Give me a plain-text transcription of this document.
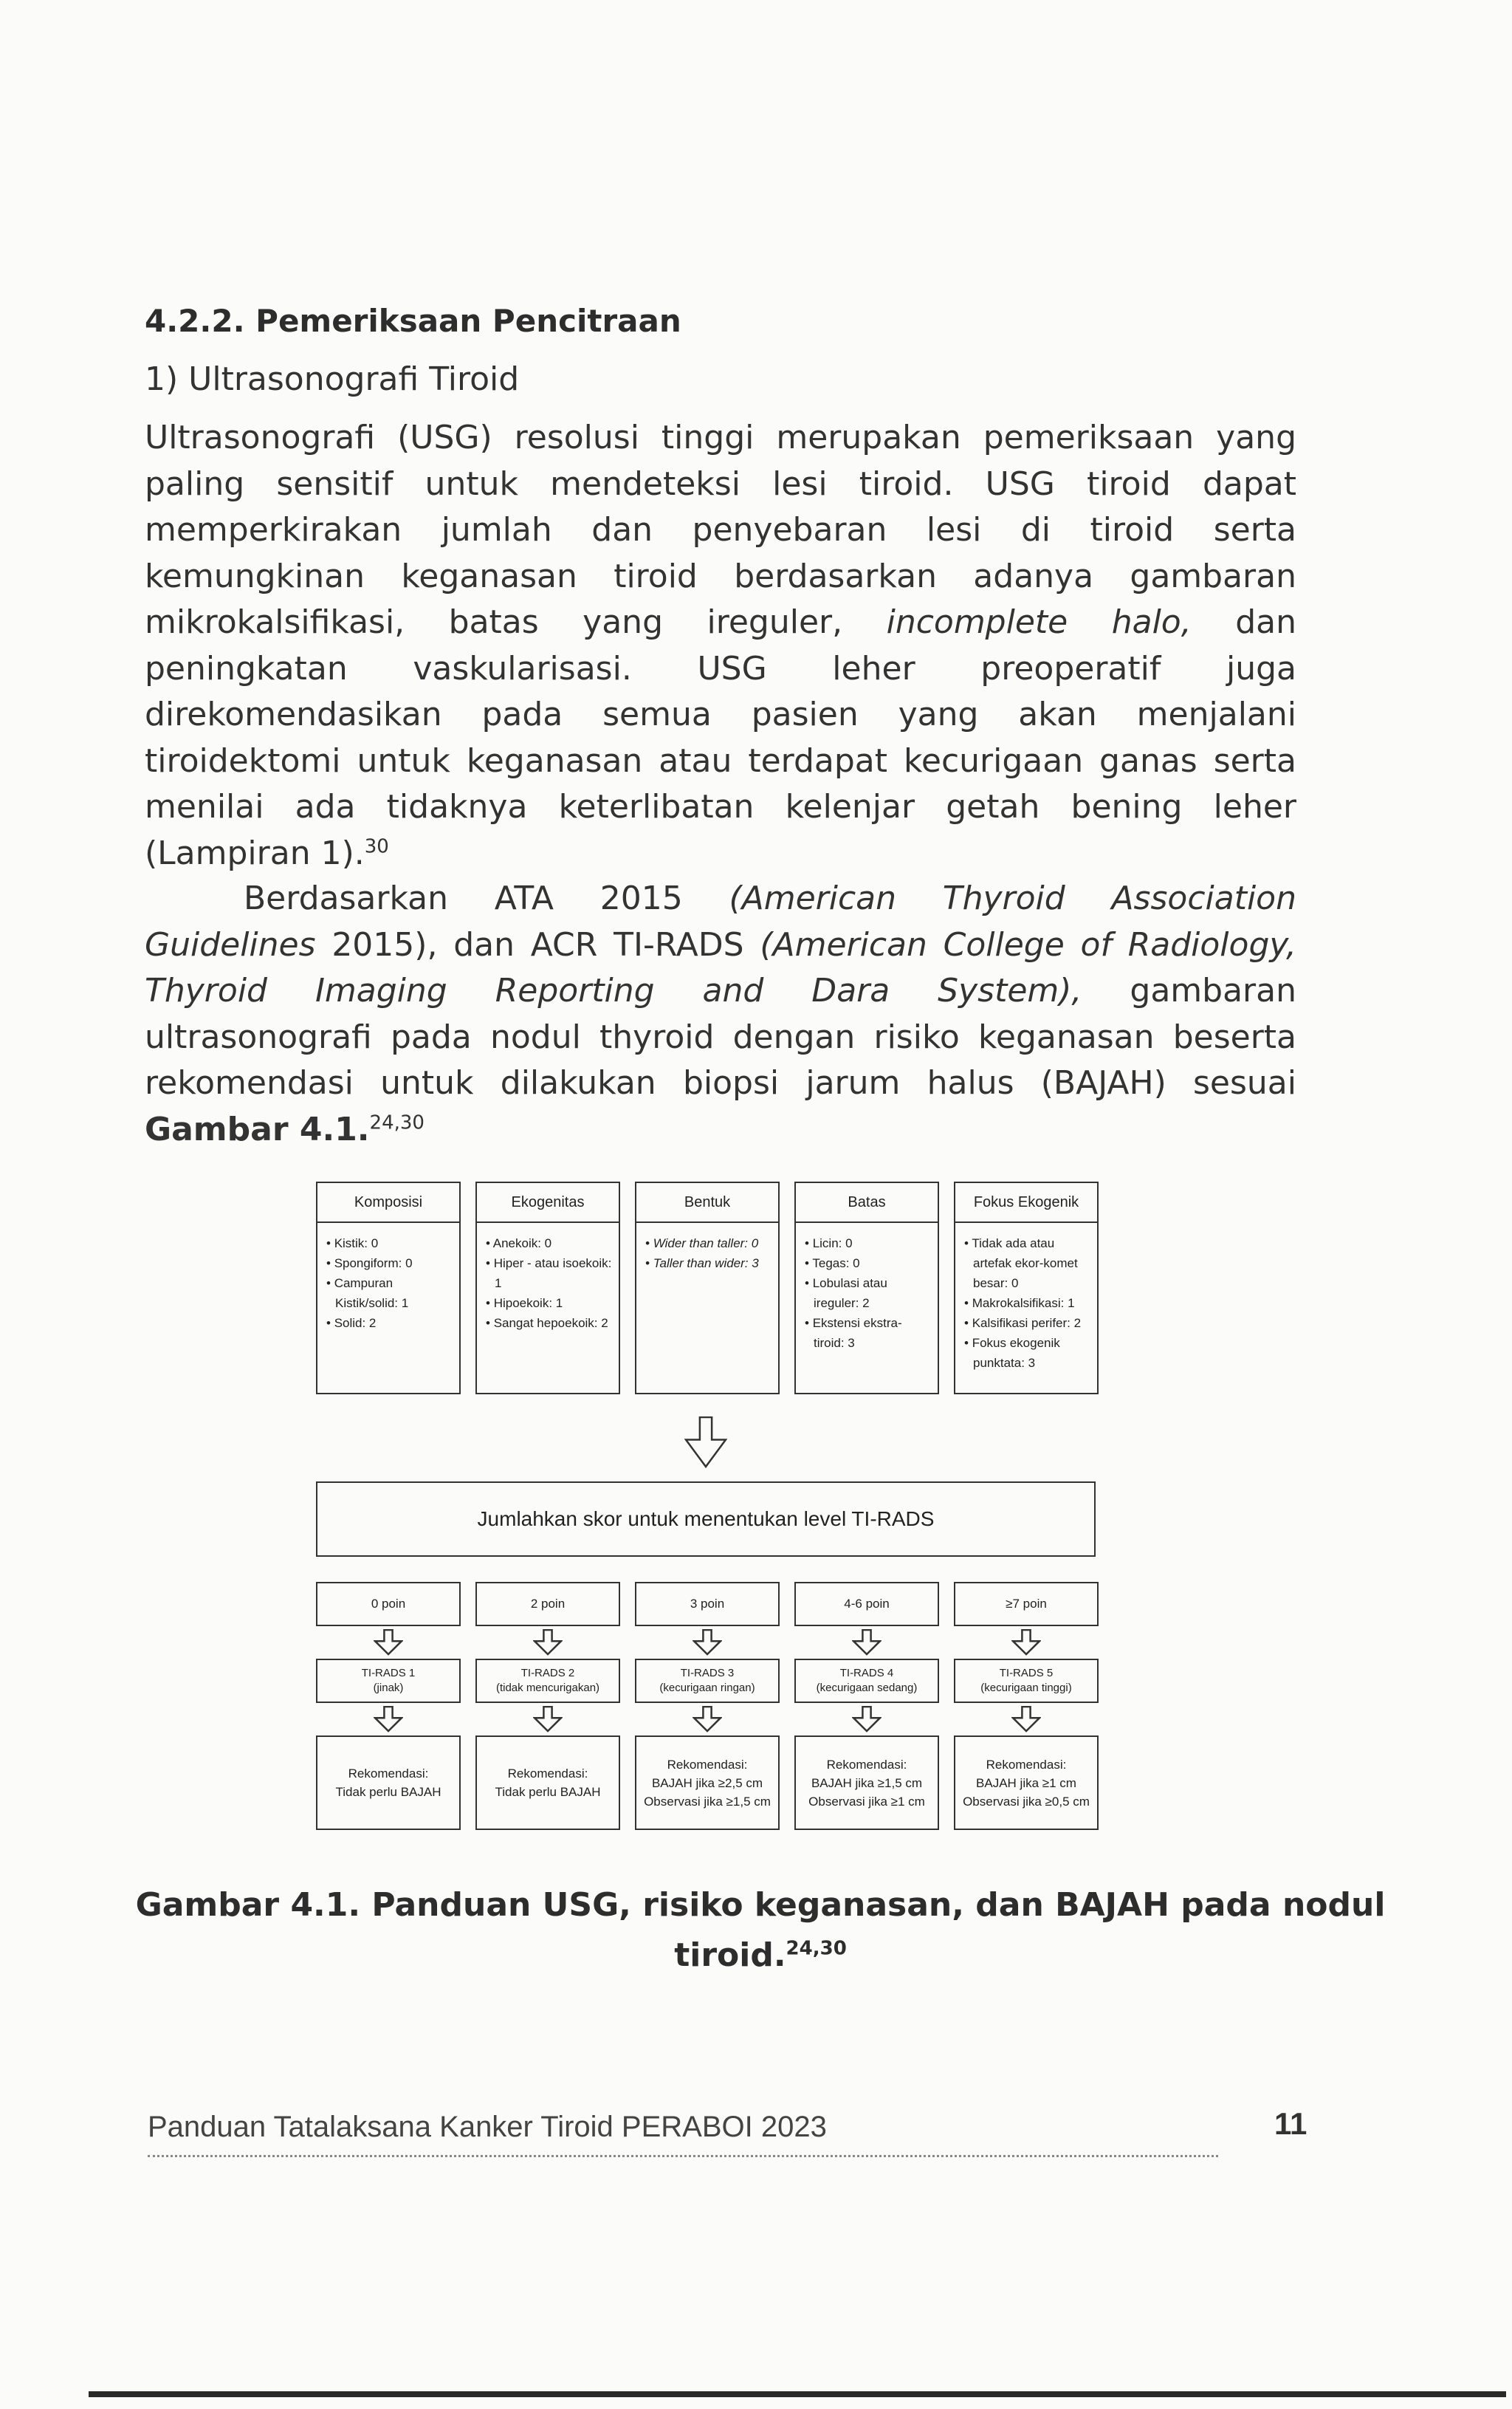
4.2.2. Pemeriksaan Pencitraan
1) Ultrasonografi Tiroid

Ultrasonografi (USG) resolusi tinggi merupakan pemeriksaan yang paling sensitif untuk mendeteksi lesi tiroid. USG tiroid dapat memperkirakan jumlah dan penyebaran lesi di tiroid serta kemungkinan keganasan tiroid berdasarkan adanya gambaran mikrokalsifikasi, batas yang ireguler, incomplete halo, dan peningkatan vaskularisasi. USG leher preoperatif juga direkomendasikan pada semua pasien yang akan menjalani tiroidektomi untuk keganasan atau terdapat kecurigaan ganas serta menilai ada tidaknya keterlibatan kelenjar getah bening leher (Lampiran 1).$^{30}$

Berdasarkan ATA 2015 (American Thyroid Association Guidelines 2015), dan ACR TI-RADS (American College of Radiology, Thyroid Imaging Reporting and Dara System), gambaran ultrasonografi pada nodul thyroid dengan risiko keganasan beserta rekomendasi untuk dilakukan biopsi jarum halus (BAJAH) sesuai Gambar 4.1.$^{24,30}$

Komposisi
• Kistik: 0
• Spongiform: 0
• Campuran Kistik/solid: 1
• Solid: 2
Ekogenitas
• Anekoik: 0
• Hiper - atau isoekoik: 1
• Hipoekoik: 1
• Sangat hepoekoik: 2
Bentuk
• Wider than taller: 0
• Taller than wider: 3
Batas
• Licin: 0
• Tegas: 0
• Lobulasi atau ireguler: 2
• Ekstensi ekstra-tiroid: 3
Fokus Ekogenik
• Tidak ada atau artefak ekor-komet besar: 0
• Makrokalsifikasi: 1
• Kalsifikasi perifer: 2
• Fokus ekogenik punktata: 3
Jumlahkan skor untuk menentukan level TI-RADS
0 poin	2 poin	3 poin	4-6 poin	≥7 poin
TI-RADS 1
(jinak)
TI-RADS 2
(tidak mencurigakan)
TI-RADS 3
(kecurigaan ringan)
TI-RADS 4
(kecurigaan sedang)
TI-RADS 5
(kecurigaan tinggi)
Rekomendasi:
Tidak perlu BAJAH
Rekomendasi:
Tidak perlu BAJAH
Rekomendasi:
BAJAH jika ≥2,5 cm
Observasi jika ≥1,5 cm
Rekomendasi:
BAJAH jika ≥1,5 cm
Observasi jika ≥1 cm
Rekomendasi:
BAJAH jika ≥1 cm
Observasi jika ≥0,5 cm
Gambar 4.1. Panduan USG, risiko keganasan, dan BAJAH pada nodul tiroid.$^{24,30}$
Panduan Tatalaksana Kanker Tiroid PERABOI 2023	11
